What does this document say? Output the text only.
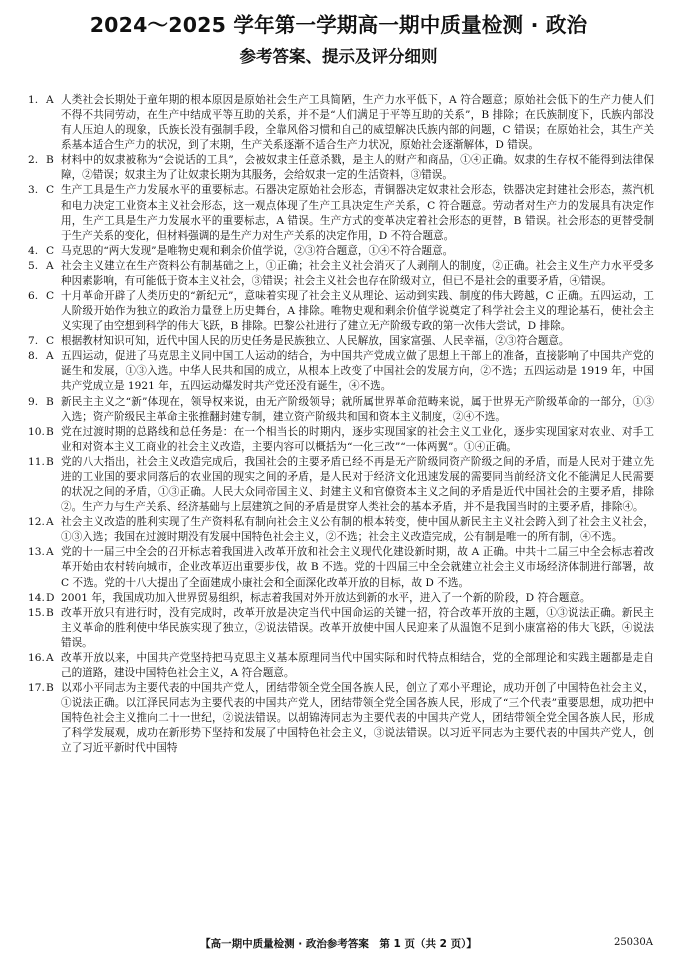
2024～2025 学年第一学期高一期中质量检测 · 政治
参考答案、提示及评分细则
1. A 人类社会长期处于童年期的根本原因是原始社会生产工具简陋，生产力水平低下，A 符合题意；原始社会低下的生产力使人们不得不共同劳动，在生产中结成平等互助的关系，并不是“人们满足于平等互助的关系”，B 排除；在氏族制度下，氏族内部没有人压迫人的现象，氏族长没有强制手段，全靠风俗习惯和自己的威望解决氏族内部的问题，C 错误；在原始社会，其生产关系基本适合生产力的状况，到了末期，生产关系逐渐不适合生产力状况，原始社会逐渐解体，D 错误。
2. B 材料中的奴隶被称为“会说话的工具”，会被奴隶主任意杀戮，是主人的财产和商品，①④正确。奴隶的生存权不能得到法律保障，②错误；奴隶主为了让奴隶长期为其服务，会给奴隶一定的生活资料，③错误。
3. C 生产工具是生产力发展水平的重要标志。石器决定原始社会形态，青铜器决定奴隶社会形态，铁器决定封建社会形态，蒸汽机和电力决定工业资本主义社会形态，这一观点体现了生产工具决定生产关系，C 符合题意。劳动者对生产力的发展具有决定作用，生产工具是生产力发展水平的重要标志，A 错误。生产方式的变革决定着社会形态的更替，B 错误。社会形态的更替受制于生产关系的变化，但材料强调的是生产力对生产关系的决定作用，D 不符合题意。
4. C 马克思的“两大发现”是唯物史观和剩余价值学说，②③符合题意，①④不符合题意。
5. A 社会主义建立在生产资料公有制基础之上，①正确；社会主义社会消灭了人剥削人的制度，②正确。社会主义生产力水平受多种因素影响，有可能低于资本主义社会，③错误；社会主义社会也存在阶级对立，但已不是社会的重要矛盾，④错误。
6. C 十月革命开辟了人类历史的“新纪元”，意味着实现了社会主义从理论、运动到实践、制度的伟大跨越，C 正确。五四运动，工人阶级开始作为独立的政治力量登上历史舞台，A 排除。唯物史观和剩余价值学说奠定了科学社会主义的理论基石，使社会主义实现了由空想到科学的伟大飞跃，B 排除。巴黎公社进行了建立无产阶级专政的第一次伟大尝试，D 排除。
7. C 根据教材知识可知，近代中国人民的历史任务是民族独立、人民解放，国家富强、人民幸福，②③符合题意。
8. A 五四运动，促进了马克思主义同中国工人运动的结合，为中国共产党成立做了思想上干部上的准备，直接影响了中国共产党的诞生和发展，①③入选。中华人民共和国的成立，从根本上改变了中国社会的发展方向，②不选；五四运动是 1919 年，中国共产党成立是 1921 年，五四运动爆发时共产党还没有诞生，④不选。
9. B 新民主主义之“新”体现在，领导权来说，由无产阶级领导；就所属世界革命范畴来说，属于世界无产阶级革命的一部分，①③入选；资产阶级民主革命主张推翻封建专制，建立资产阶级共和国和资本主义制度，②④不选。
10. B 党在过渡时期的总路线和总任务是：在一个相当长的时期内，逐步实现国家的社会主义工业化，逐步实现国家对农业、对手工业和对资本主义工商业的社会主义改造，主要内容可以概括为“一化三改”“一体两翼”。①④正确。
11. B 党的八大指出，社会主义改造完成后，我国社会的主要矛盾已经不再是无产阶级同资产阶级之间的矛盾，而是人民对于建立先进的工业国的要求同落后的农业国的现实之间的矛盾，是人民对于经济文化迅速发展的需要同当前经济文化不能满足人民需要的状况之间的矛盾，①③正确。人民大众同帝国主义、封建主义和官僚资本主义之间的矛盾是近代中国社会的主要矛盾，排除②。生产力与生产关系、经济基础与上层建筑之间的矛盾是贯穿人类社会的基本矛盾，并不是我国当时的主要矛盾，排除④。
12. A 社会主义改造的胜利实现了生产资料私有制向社会主义公有制的根本转变，使中国从新民主主义社会跨入到了社会主义社会，①③入选；我国在过渡时期没有发展中国特色社会主义，②不选；社会主义改造完成，公有制是唯一的所有制，④不选。
13. A 党的十一届三中全会的召开标志着我国进入改革开放和社会主义现代化建设新时期，故 A 正确。中共十二届三中全会标志着改革开始由农村转向城市，企业改革迈出重要步伐，故 B 不选。党的十四届三中全会就建立社会主义市场经济体制进行部署，故 C 不选。党的十八大提出了全面建成小康社会和全面深化改革开放的目标，故 D 不选。
14. D 2001 年，我国成功加入世界贸易组织，标志着我国对外开放达到新的水平，进入了一个新的阶段，D 符合题意。
15. B 改革开放只有进行时，没有完成时，改革开放是决定当代中国命运的关键一招，符合改革开放的主题，①③说法正确。新民主主义革命的胜利使中华民族实现了独立，②说法错误。改革开放使中国人民迎来了从温饱不足到小康富裕的伟大飞跃，④说法错误。
16. A 改革开放以来，中国共产党坚持把马克思主义基本原理同当代中国实际和时代特点相结合，党的全部理论和实践主题都是走自己的道路，建设中国特色社会主义，A 符合题意。
17. B 以邓小平同志为主要代表的中国共产党人，团结带领全党全国各族人民，创立了邓小平理论，成功开创了中国特色社会主义，①说法正确。以江泽民同志为主要代表的中国共产党人，团结带领全党全国各族人民，形成了“三个代表”重要思想，成功把中国特色社会主义推向二十一世纪，②说法错误。以胡锦涛同志为主要代表的中国共产党人，团结带领全党全国各族人民，形成了科学发展观，成功在新形势下坚持和发展了中国特色社会主义，③说法错误。以习近平同志为主要代表的中国共产党人，创立了习近平新时代中国特
【高一期中质量检测 · 政治参考答案　第 1 页（共 2 页）】	25030A
